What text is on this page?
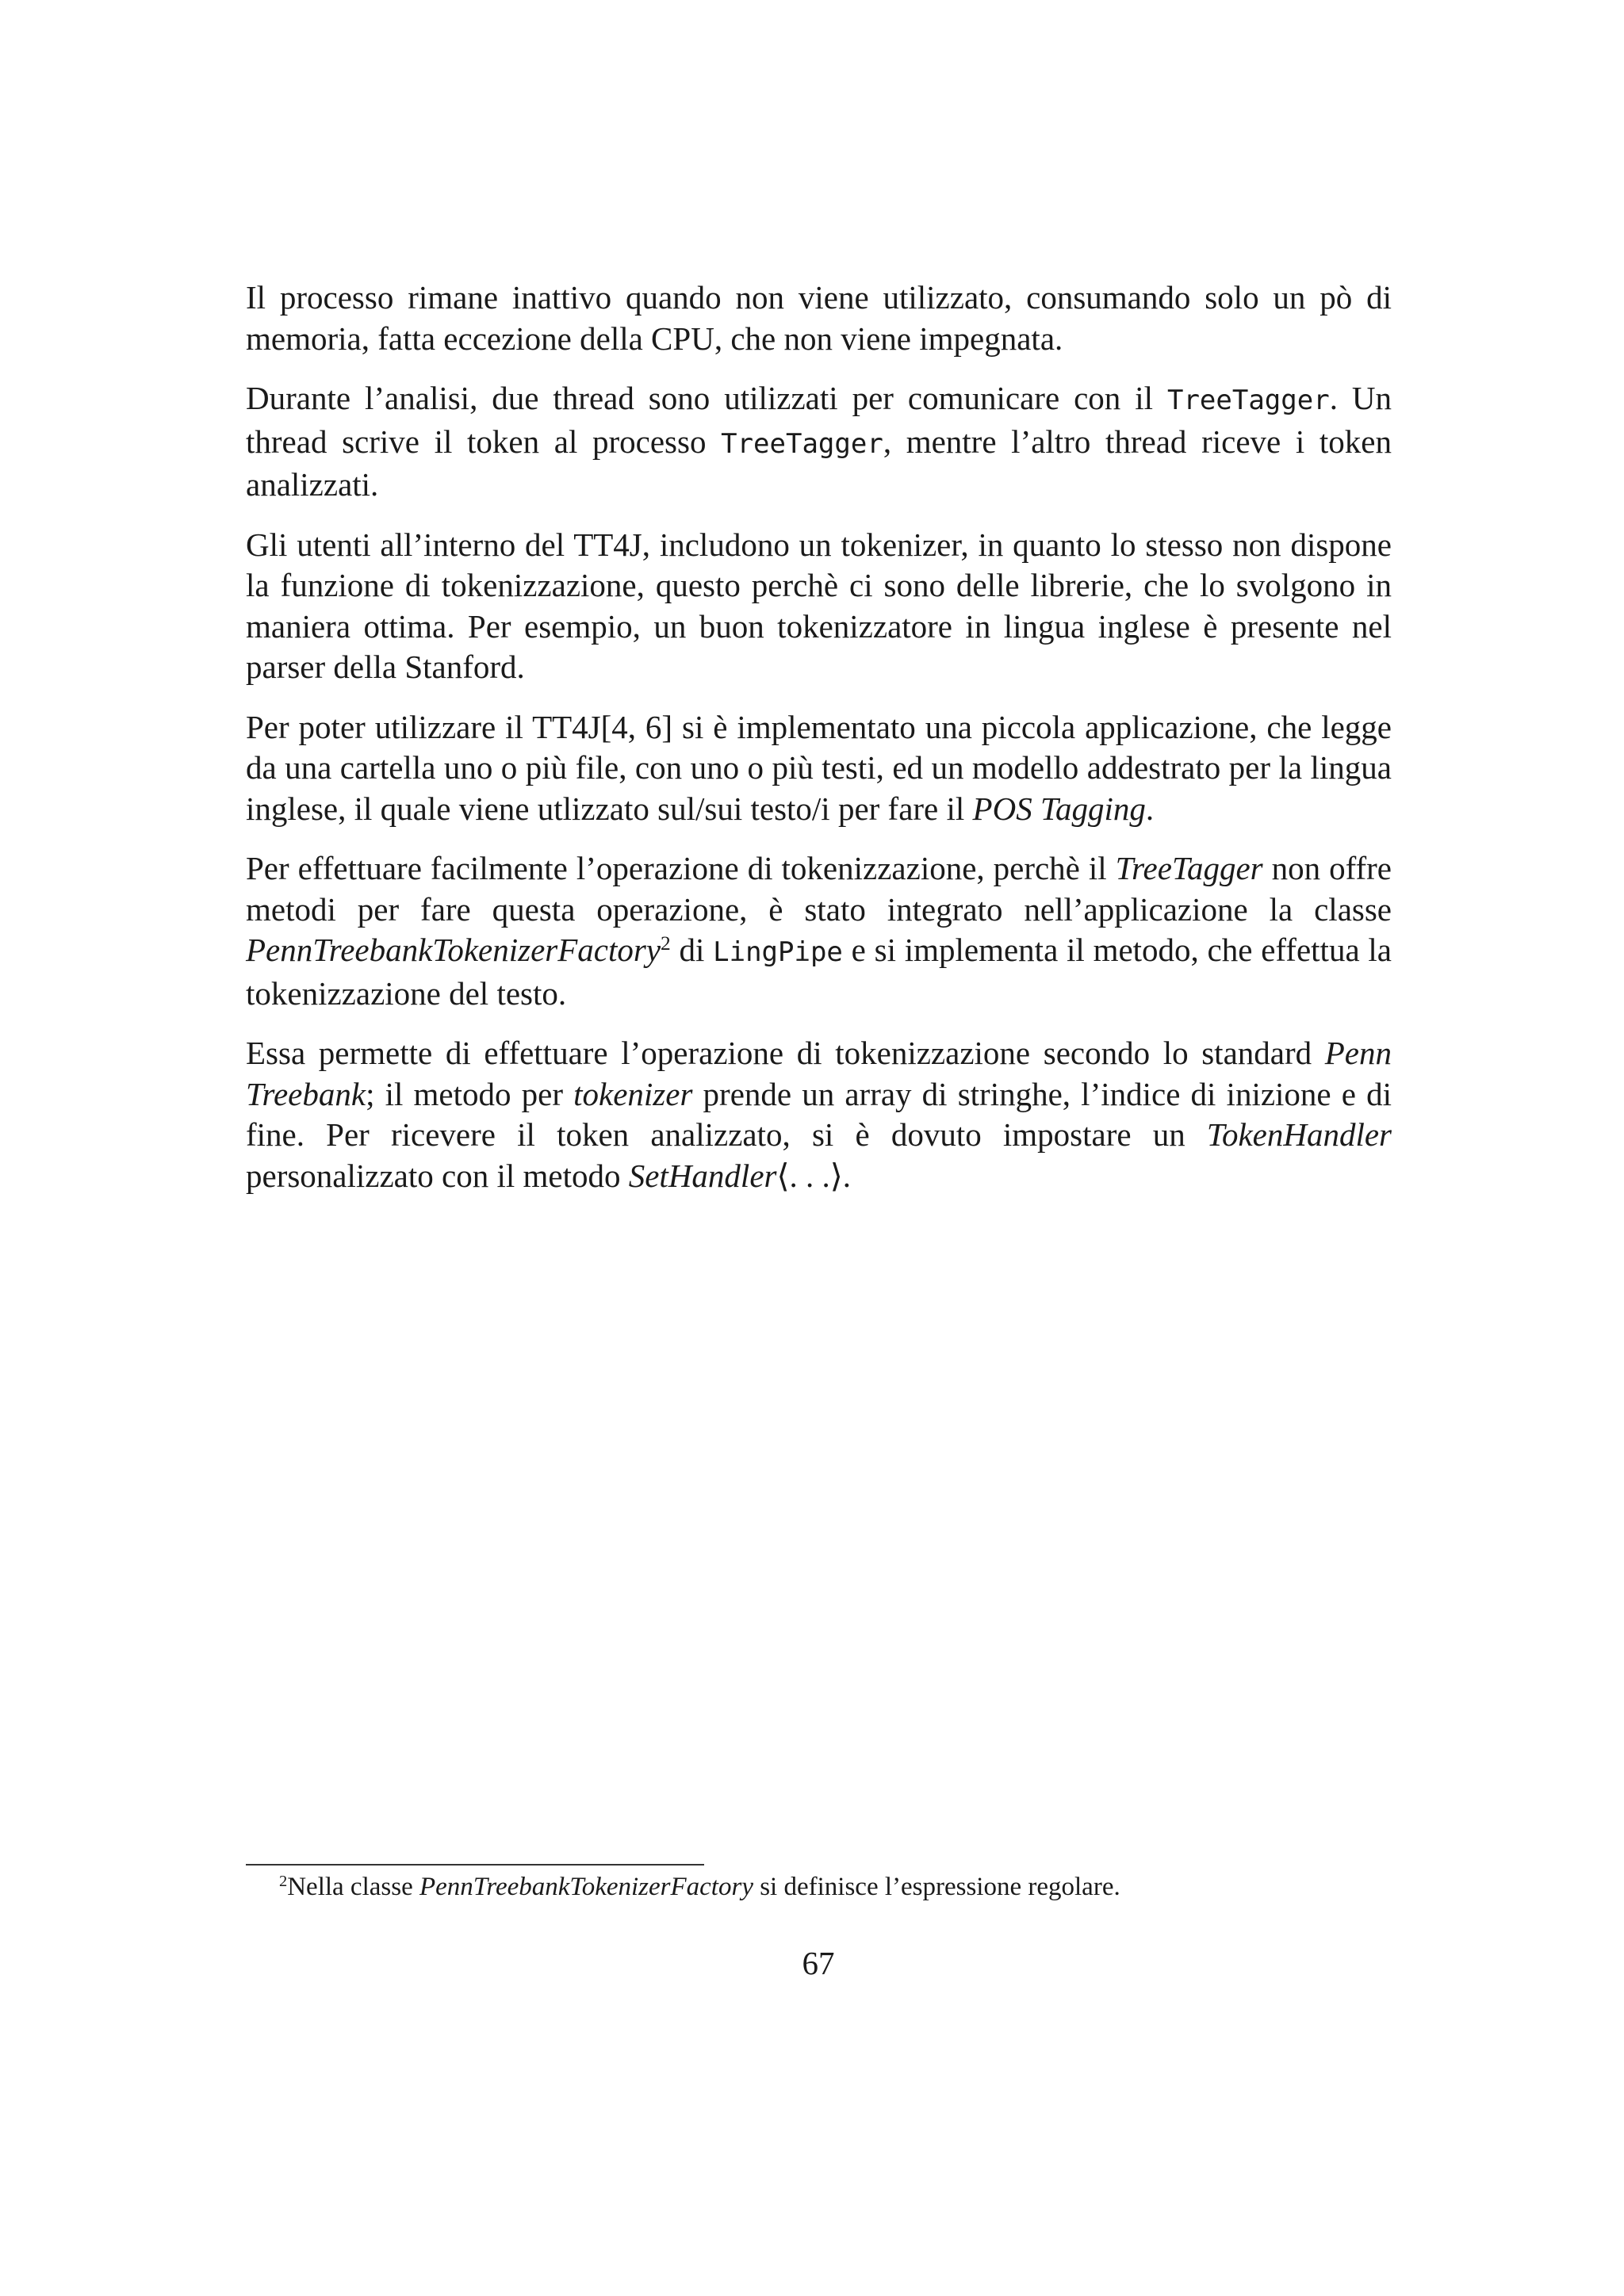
Il processo rimane inattivo quando non viene utilizzato, consumando solo un pò di memoria, fatta eccezione della CPU, che non viene impegnata.

Durante l’analisi, due thread sono utilizzati per comunicare con il TreeTagger. Un thread scrive il token al processo TreeTagger, mentre l’altro thread riceve i token analizzati.

Gli utenti all’interno del TT4J, includono un tokenizer, in quanto lo stesso non dispone la funzione di tokenizzazione, questo perchè ci sono delle librerie, che lo svolgono in maniera ottima. Per esempio, un buon tokenizzatore in lingua inglese è presente nel parser della Stanford.

Per poter utilizzare il TT4J[4, 6] si è implementato una piccola applicazione, che legge da una cartella uno o più file, con uno o più testi, ed un modello addestrato per la lingua inglese, il quale viene utlizzato sul/sui testo/i per fare il POS Tagging.

Per effettuare facilmente l’operazione di tokenizzazione, perchè il TreeTagger non offre metodi per fare questa operazione, è stato integrato nell’applicazione la classe PennTreebankTokenizerFactory$^2$ di LingPipe e si implementa il metodo, che effettua la tokenizzazione del testo.

Essa permette di effettuare l’operazione di tokenizzazione secondo lo standard Penn Treebank; il metodo per tokenizer prende un array di stringhe, l’indice di inizione e di fine. Per ricevere il token analizzato, si è dovuto impostare un TokenHandler personalizzato con il metodo SetHandler⟨. . .⟩.

$^2$Nella classe PennTreebankTokenizerFactory si definisce l’espressione regolare.
67
